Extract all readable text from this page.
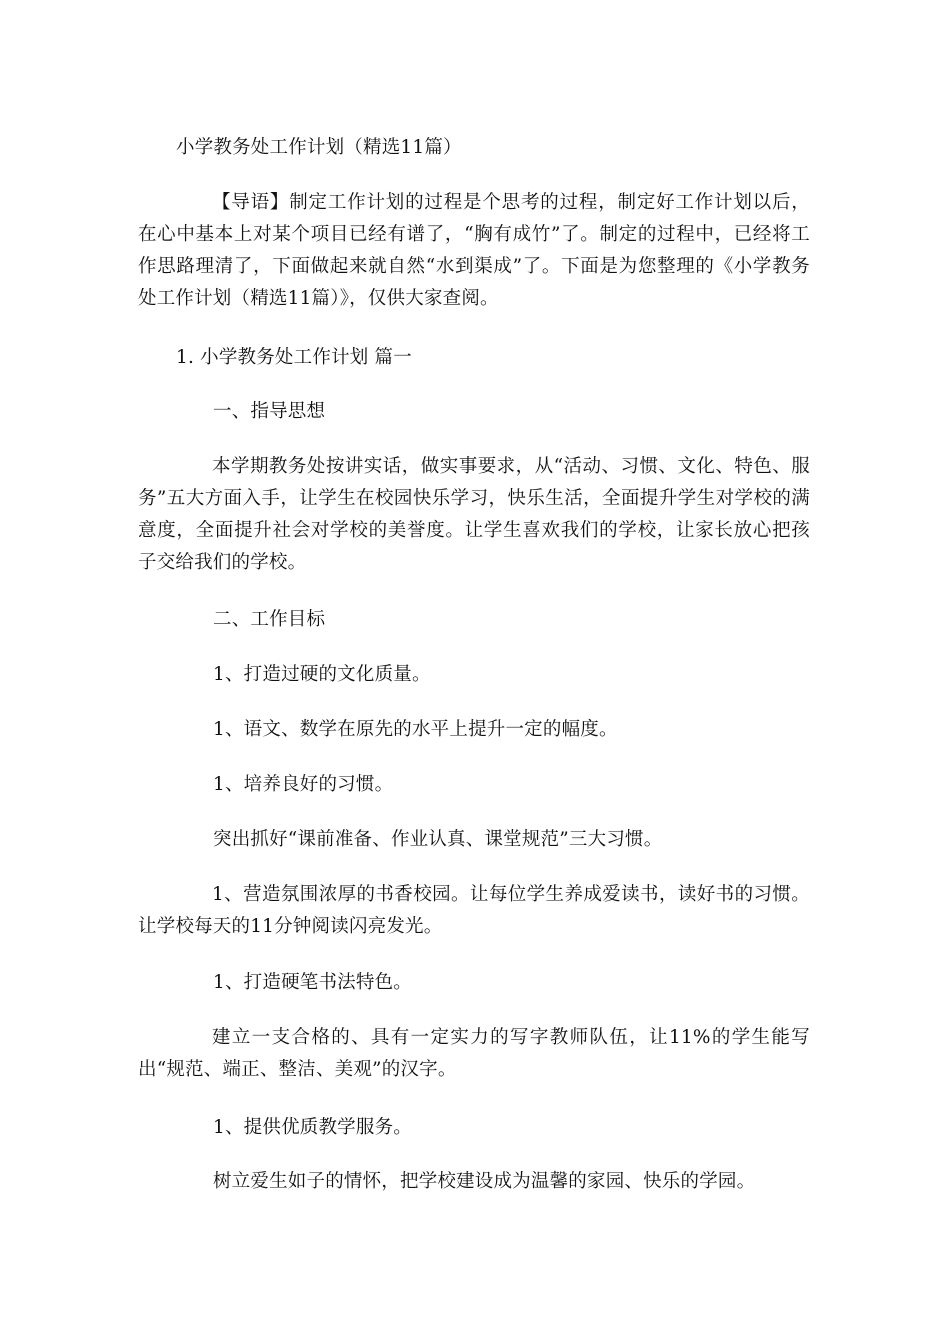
小学教务处工作计划（精选11篇）
【导语】制定工作计划的过程是个思考的过程，制定好工作计划以后，在心中基本上对某个项目已经有谱了，“胸有成竹”了。制定的过程中，已经将工作思路理清了，下面做起来就自然“水到渠成”了。下面是为您整理的《小学教务处工作计划（精选11篇）》，仅供大家查阅。
1. 小学教务处工作计划 篇一
一、指导思想
本学期教务处按讲实话，做实事要求，从“活动、习惯、文化、特色、服务”五大方面入手，让学生在校园快乐学习，快乐生活，全面提升学生对学校的满意度，全面提升社会对学校的美誉度。让学生喜欢我们的学校，让家长放心把孩子交给我们的学校。
二、工作目标
1、打造过硬的文化质量。
1、语文、数学在原先的水平上提升一定的幅度。
1、培养良好的习惯。
突出抓好“课前准备、作业认真、课堂规范”三大习惯。
1、营造氛围浓厚的书香校园。让每位学生养成爱读书，读好书的习惯。让学校每天的11分钟阅读闪亮发光。
1、打造硬笔书法特色。
建立一支合格的、具有一定实力的写字教师队伍，让11%的学生能写出“规范、端正、整洁、美观”的汉字。
1、提供优质教学服务。
树立爱生如子的情怀，把学校建设成为温馨的家园、快乐的学园。
